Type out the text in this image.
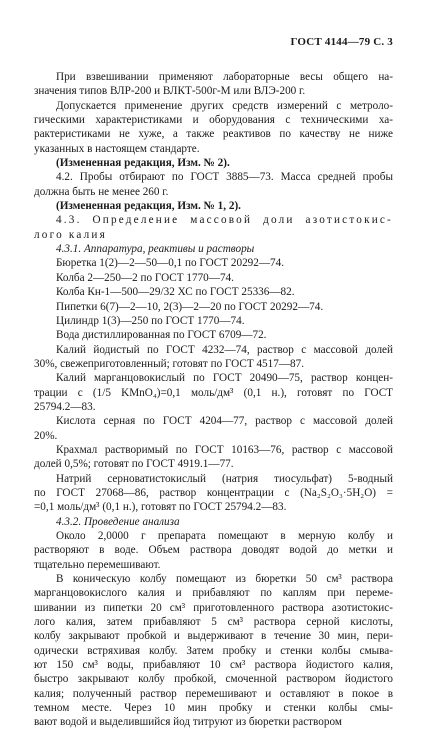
ГОСТ 4144—79 С. 3
При взвешивании применяют лабораторные весы общего на-
значения типов ВЛР-200 и ВЛКТ-500г-М или ВЛЭ-200 г.
Допускается применение других средств измерений с метроло-
гическими характеристиками и оборудования с техническими ха-
рактеристиками не хуже, а также реактивов по качеству не ниже
указанных в настоящем стандарте.
(Измененная редакция, Изм. № 2).
4.2. Пробы отбирают по ГОСТ 3885—73. Масса средней пробы
должна быть не менее 260 г.
(Измененная редакция, Изм. № 1, 2).
4.3. Определение массовой доли азотистокис-
лого калия
4.3.1. Аппаратура, реактивы и растворы
Бюретка 1(2)—2—50—0,1 по ГОСТ 20292—74.
Колба 2—250—2 по ГОСТ 1770—74.
Колба Кн-1—500—29/32 ХС по ГОСТ 25336—82.
Пипетки 6(7)—2—10, 2(3)—2—20 по ГОСТ 20292—74.
Цилиндр 1(3)—250 по ГОСТ 1770—74.
Вода дистиллированная по ГОСТ 6709—72.
Калий йодистый по ГОСТ 4232—74, раствор с массовой долей
30%, свежеприготовленный; готовят по ГОСТ 4517—87.
Калий марганцовокислый по ГОСТ 20490—75, раствор концен-
трации c (1/5 KMnO₄)=0,1 моль/дм³ (0,1 н.), готовят по ГОСТ
25794.2—83.
Кислота серная по ГОСТ 4204—77, раствор с массовой долей
20%.
Крахмал растворимый по ГОСТ 10163—76, раствор с массовой
долей 0,5%; готовят по ГОСТ 4919.1—77.
Натрий серноватистокислый (натрия тиосульфат) 5-водный
по ГОСТ 27068—86, раствор концентрации c (Na₂S₂O₃·5H₂O) =
=0,1 моль/дм³ (0,1 н.), готовят по ГОСТ 25794.2—83.
4.3.2. Проведение анализа
Около 2,0000 г препарата помещают в мерную колбу и
растворяют в воде. Объем раствора доводят водой до метки и
тщательно перемешивают.
В коническую колбу помещают из бюретки 50 см³ раствора
марганцовокислого калия и прибавляют по каплям при переме-
шивании из пипетки 20 см³ приготовленного раствора азотистокис-
лого калия, затем прибавляют 5 см³ раствора серной кислоты,
колбу закрывают пробкой и выдерживают в течение 30 мин, пери-
одически встряхивая колбу. Затем пробку и стенки колбы смыва-
ют 150 см³ воды, прибавляют 10 см³ раствора йодистого калия,
быстро закрывают колбу пробкой, смоченной раствором йодистого
калия; полученный раствор перемешивают и оставляют в покое в
темном месте. Через 10 мин пробку и стенки колбы смы-
вают водой и выделившийся йод титруют из бюретки раствором
